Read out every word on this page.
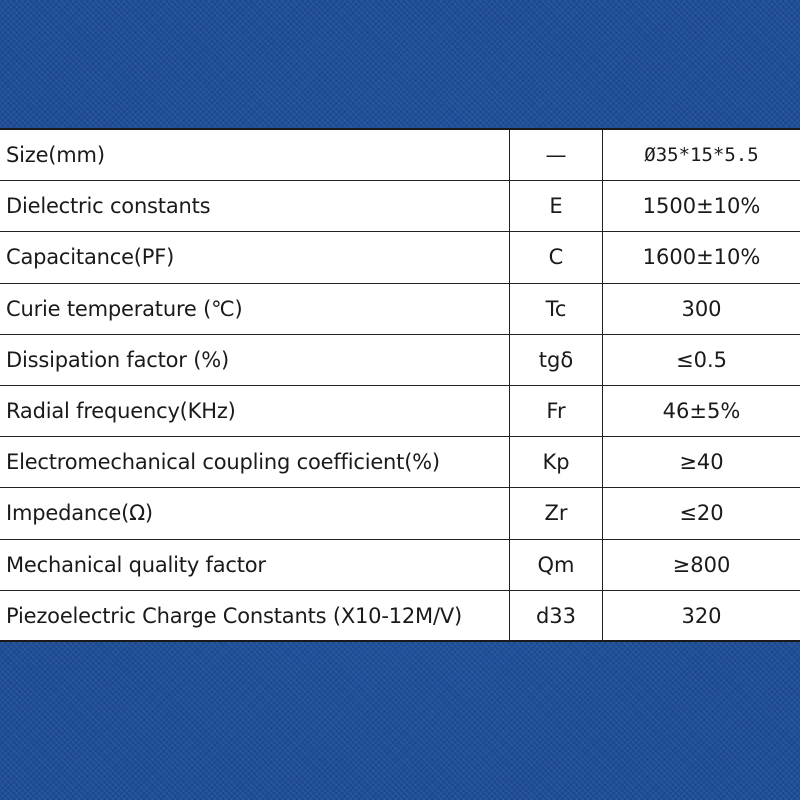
Size(mm)	—	Ø35*15*5.5
Dielectric constants	E	1500±10%
Capacitance(PF)	C	1600±10%
Curie temperature (℃)	Tc	300
Dissipation factor (%)	tgδ	≤0.5
Radial frequency(KHz)	Fr	46±5%
Electromechanical coupling coefficient(%)	Kp	≥40
Impedance(Ω)	Zr	≤20
Mechanical quality factor	Qm	≥800
Piezoelectric Charge Constants (X10-12M/V)	d33	320
